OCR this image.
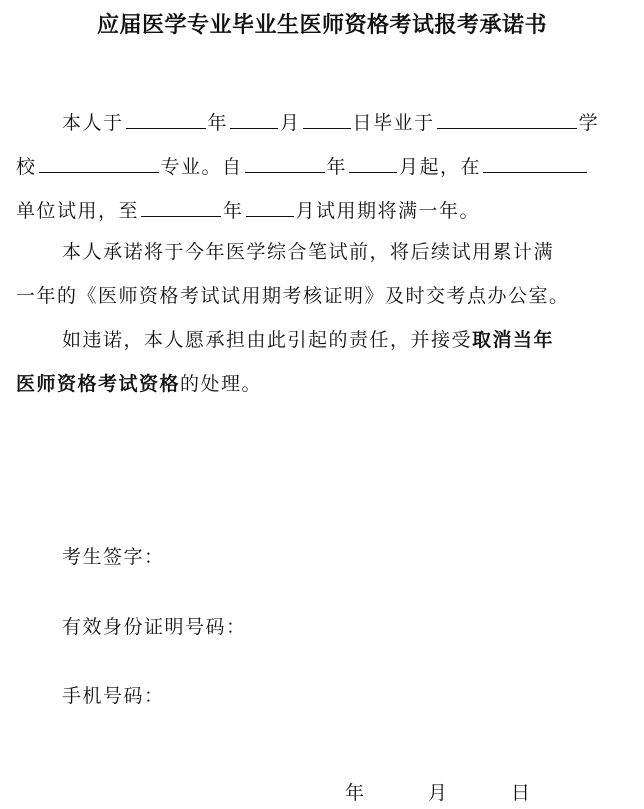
应届医学专业毕业生医师资格考试报考承诺书
本人于	年	月	日毕业于	学
校	专业。自	年	月起，在
单位试用，至	年	月试用期将满一年。
本人承诺将于今年医学综合笔试前，将后续试用累计满
一年的《医师资格考试试用期考核证明》及时交考点办公室。
如违诺，本人愿承担由此引起的责任，并接受取消当年
医师资格考试资格的处理。
考生签字：
有效身份证明号码：
手机号码：
年	月	日
